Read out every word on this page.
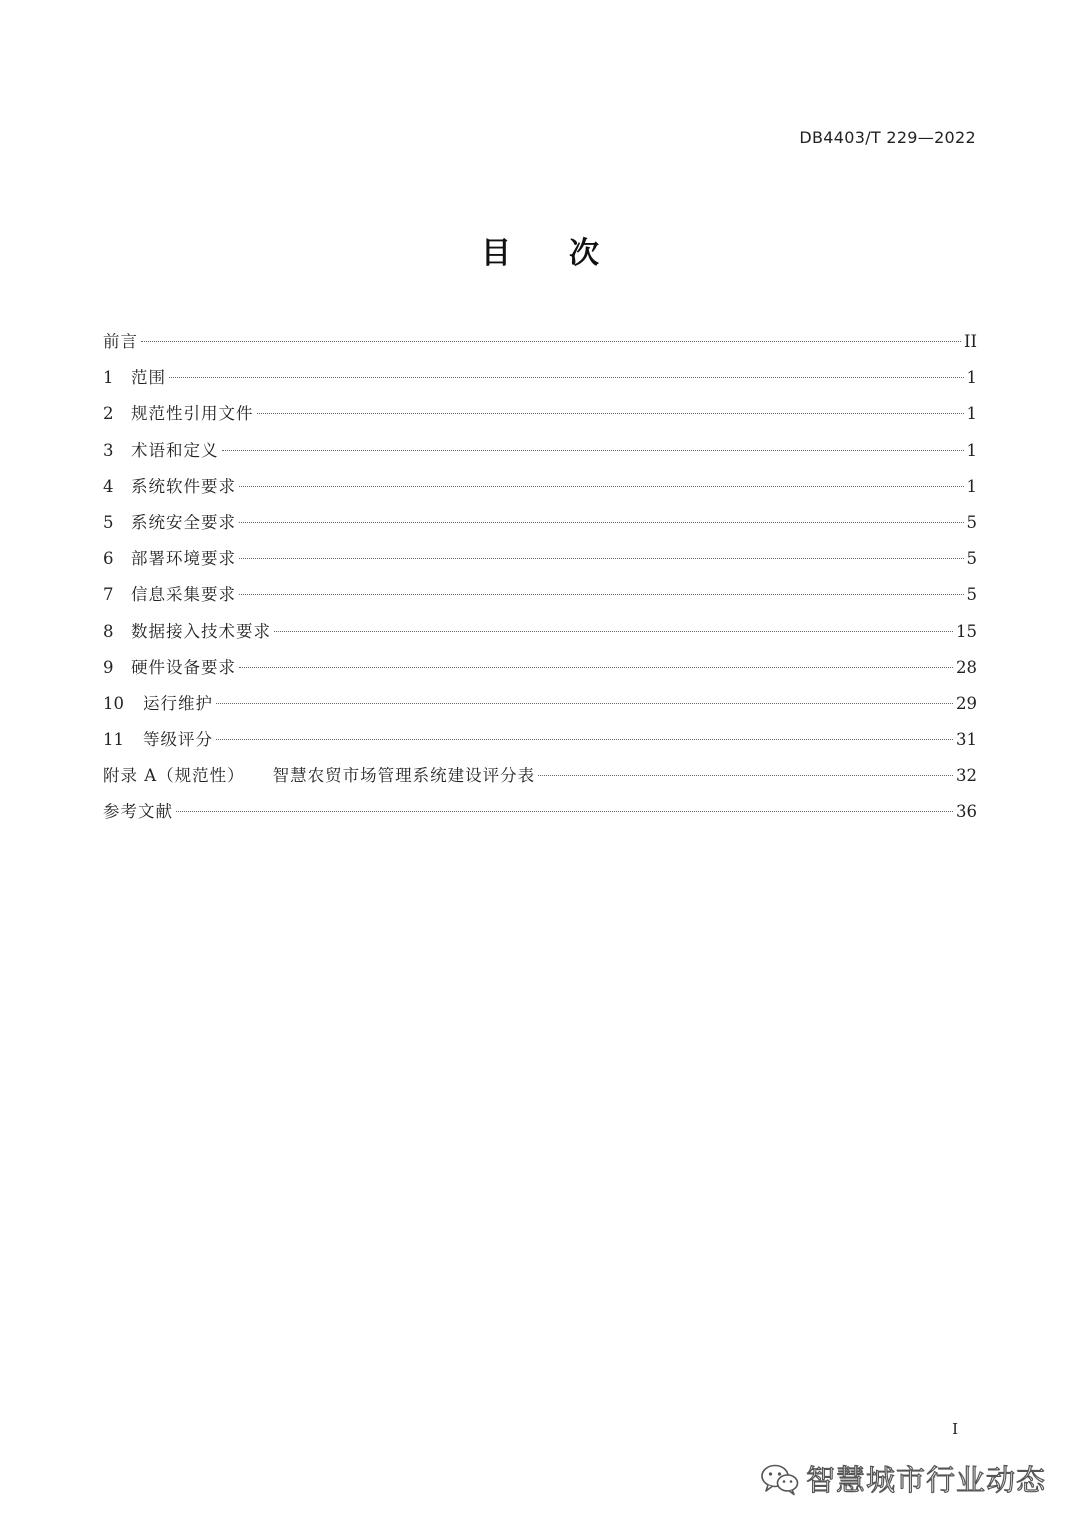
DB4403/T 229—2022
目 次
前言	II
1	范围	1
2	规范性引用文件	1
3	术语和定义	1
4	系统软件要求	1
5	系统安全要求	5
6	部署环境要求	5
7	信息采集要求	5
8	数据接入技术要求	15
9	硬件设备要求	28
10	运行维护	29
11	等级评分	31
附录 A（规范性） 智慧农贸市场管理系统建设评分表	32
参考文献	36
I
智慧城市行业动态
